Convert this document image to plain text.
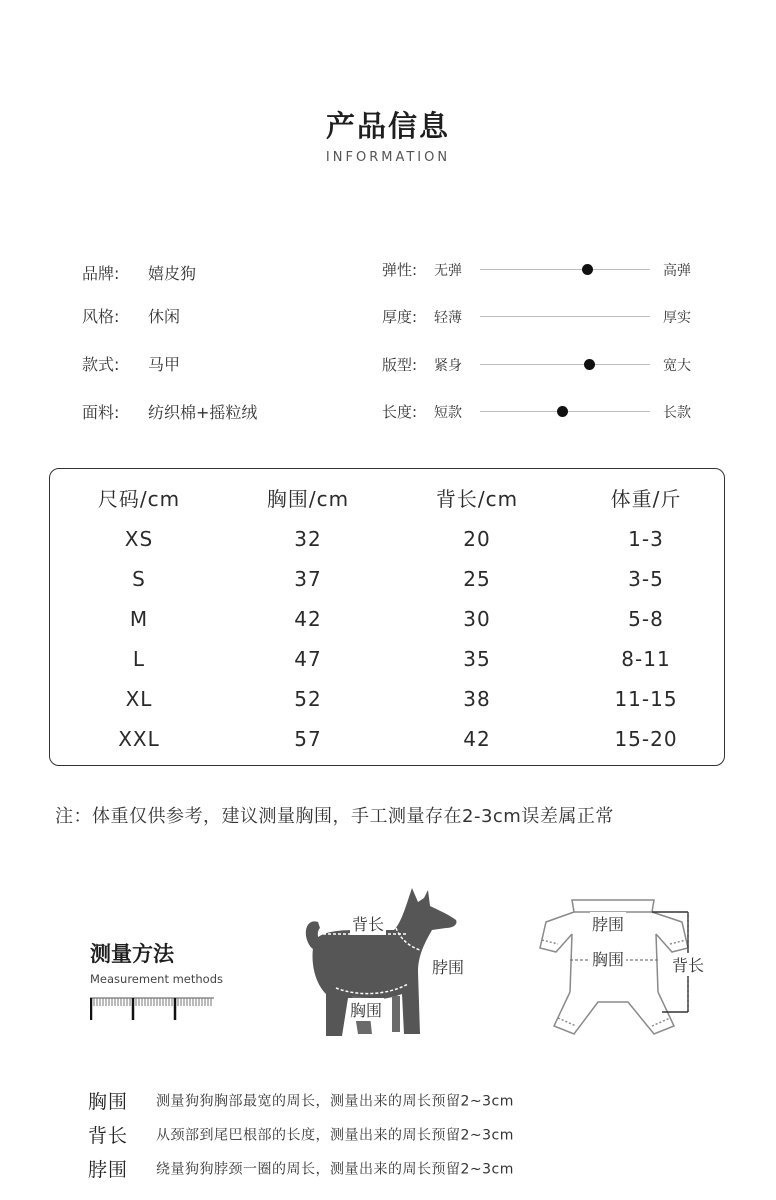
产品信息
INFORMATION
品牌: 嬉皮狗
风格: 休闲
款式: 马甲
面料: 纺织棉+摇粒绒
弹性: 无弹	高弹
厚度: 轻薄	厚实
版型: 紧身	宽大
长度: 短款	长款
尺码/cm	胸围/cm	背长/cm	体重/斤
XS	32	20	1-3
S	37	25	3-5
M	42	30	5-8
L	47	35	8-11
XL	52	38	11-15
XXL	57	42	15-20
注：体重仅供参考，建议测量胸围，手工测量存在2-3cm误差属正常
测量方法
Measurement methods
背长
脖围
胸围
脖围
胸围	背长
胸围 测量狗狗胸部最宽的周长，测量出来的周长预留2~3cm
背长 从颈部到尾巴根部的长度，测量出来的周长预留2~3cm
脖围 绕量狗狗脖颈一圈的周长，测量出来的周长预留2~3cm
